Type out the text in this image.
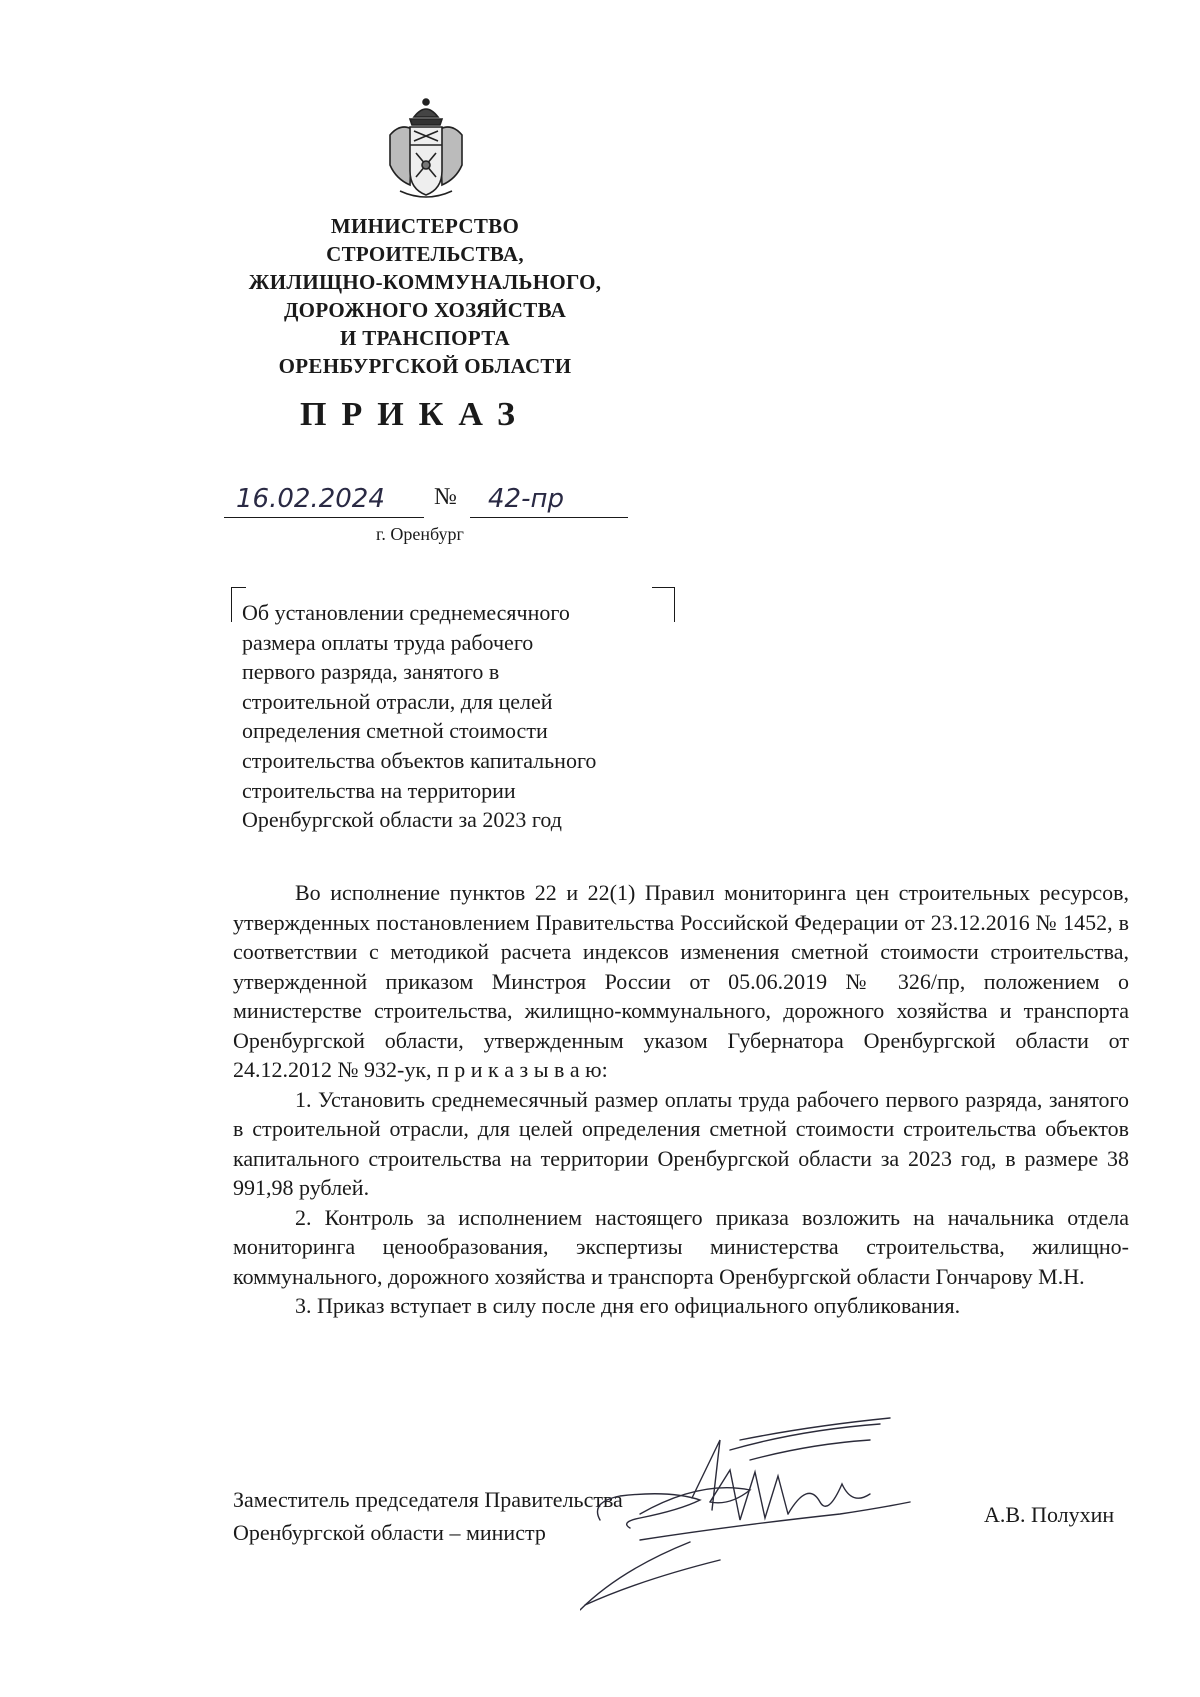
МИНИСТЕРСТВО
СТРОИТЕЛЬСТВА,
ЖИЛИЩНО-КОММУНАЛЬНОГО,
ДОРОЖНОГО ХОЗЯЙСТВА
И ТРАНСПОРТА
ОРЕНБУРГСКОЙ ОБЛАСТИ
ПРИКАЗ
16.02.2024	№	42-пр
г. Оренбург
Об установлении среднемесячного
размера оплаты труда рабочего
первого разряда, занятого в
строительной отрасли, для целей
определения сметной стоимости
строительства объектов капитального
строительства на территории
Оренбургской области за 2023 год

Во исполнение пунктов 22 и 22(1) Правил мониторинга цен строительных ресурсов, утвержденных постановлением Правительства Российской Федерации от 23.12.2016 № 1452, в соответствии с методикой расчета индексов изменения сметной стоимости строительства, утвержденной приказом Минстроя России от 05.06.2019 № 326/пр, положением о министерстве строительства, жилищно-коммунального, дорожного хозяйства и транспорта Оренбургской области, утвержденным указом Губернатора Оренбургской области от 24.12.2012 № 932-ук, п р и к а з ы в а ю:

1. Установить среднемесячный размер оплаты труда рабочего первого разряда, занятого в строительной отрасли, для целей определения сметной стоимости строительства объектов капитального строительства на территории Оренбургской области за 2023 год, в размере 38 991,98 рублей.

2. Контроль за исполнением настоящего приказа возложить на начальника отдела мониторинга ценообразования, экспертизы министерства строительства, жилищно-коммунального, дорожного хозяйства и транспорта Оренбургской области Гончарову М.Н.

3. Приказ вступает в силу после дня его официального опубликования.

Заместитель председателя Правительства
Оренбургской области – министр
А.В. Полухин
